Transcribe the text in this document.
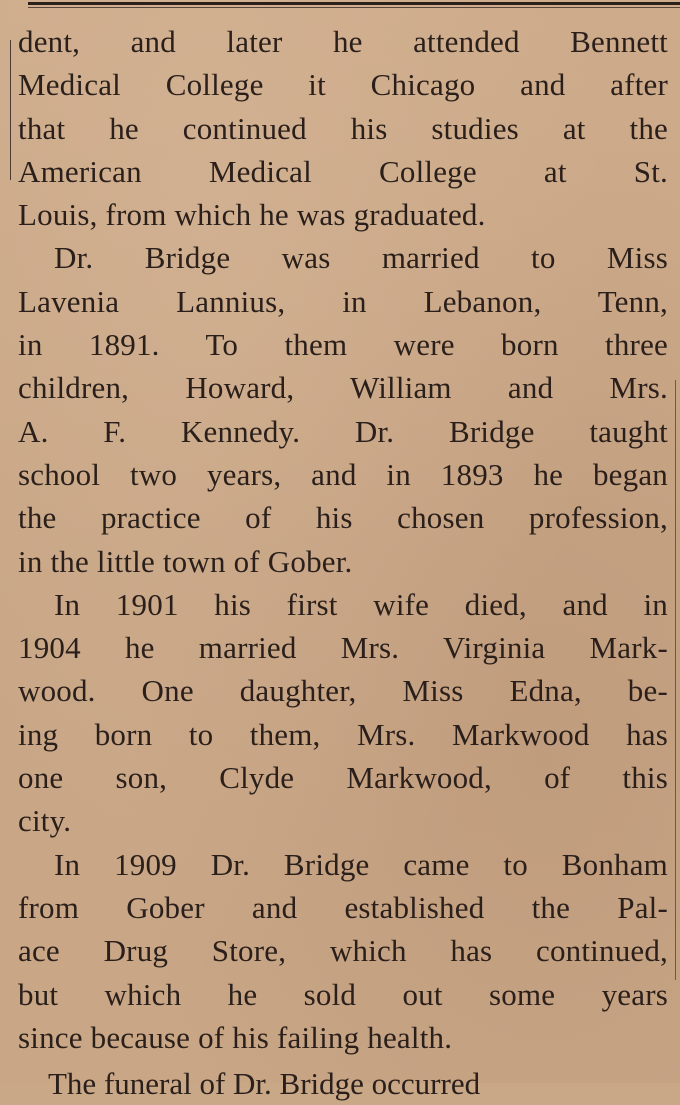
dent, and later he attended Bennett
Medical College it Chicago and after
that he continued his studies at the
American Medical College at St.
Louis, from which he was graduated.
Dr. Bridge was married to Miss
Lavenia Lannius, in Lebanon, Tenn,
in 1891. To them were born three
children, Howard, William and Mrs.
A. F. Kennedy. Dr. Bridge taught
school two years, and in 1893 he began
the practice of his chosen profession,
in the little town of Gober.
In 1901 his first wife died, and in
1904 he married Mrs. Virginia Mark-
wood. One daughter, Miss Edna, be-
ing born to them, Mrs. Markwood has
one son, Clyde Markwood, of this
city.
In 1909 Dr. Bridge came to Bonham
from Gober and established the Pal-
ace Drug Store, which has continued,
but which he sold out some years
since because of his failing health.
The funeral of Dr. Bridge occurred
